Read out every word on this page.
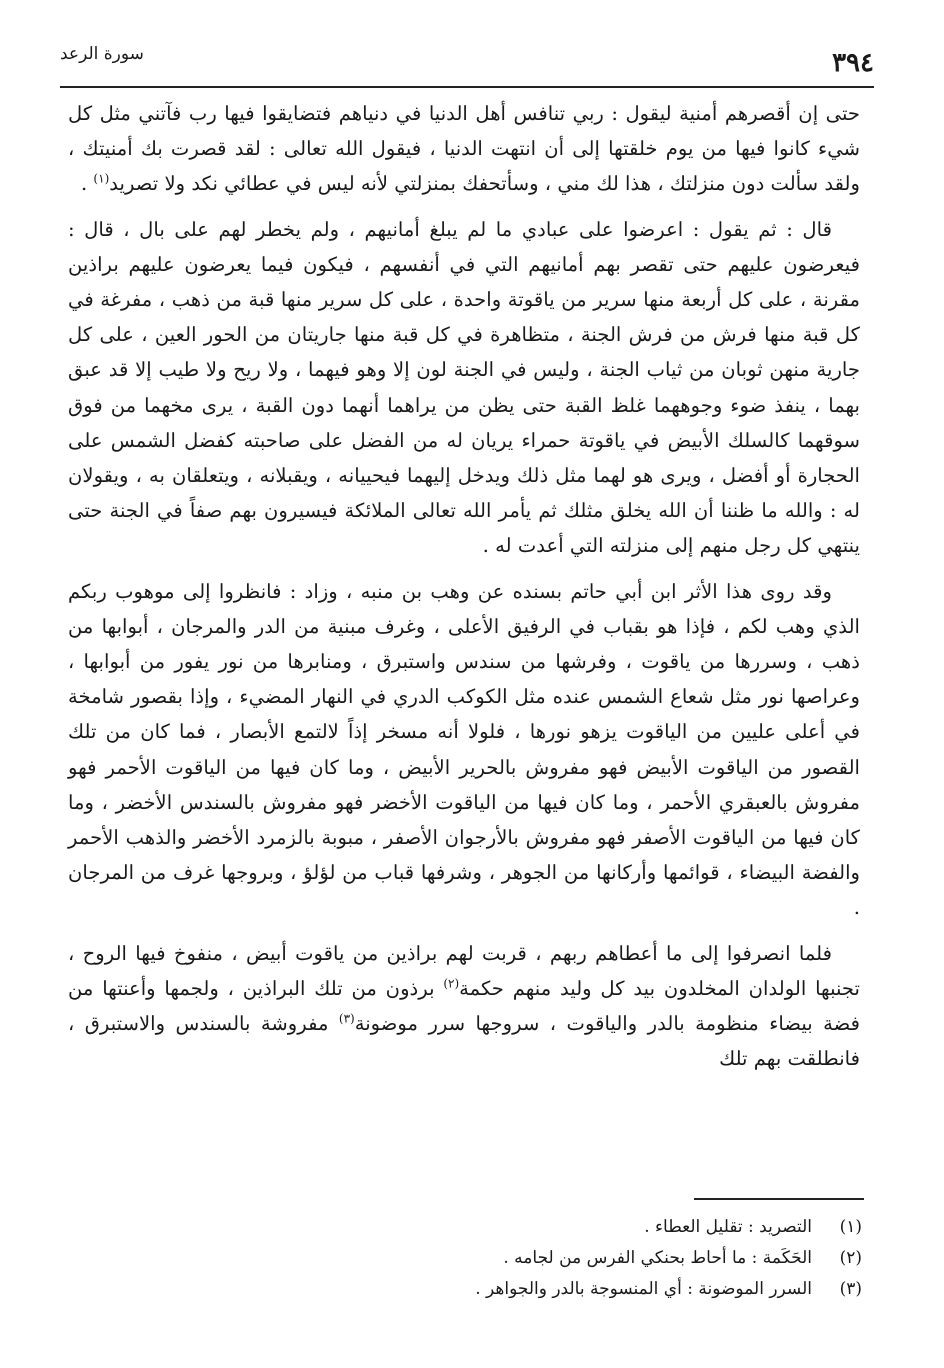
٣٩٤
سورة الرعد

حتى إن أقصرهم أمنية ليقول : ربي تنافس أهل الدنيا في دنياهم فتضايقوا فيها رب فآتني مثل كل شيء كانوا فيها من يوم خلقتها إلى أن انتهت الدنيا ، فيقول الله تعالى : لقد قصرت بك أمنيتك ، ولقد سألت دون منزلتك ، هذا لك مني ، وسأتحفك بمنزلتي لأنه ليس في عطائي نكد ولا تصريد$^{(١)}$ .

قال : ثم يقول : اعرضوا على عبادي ما لم يبلغ أمانيهم ، ولم يخطر لهم على بال ، قال : فيعرضون عليهم حتى تقصر بهم أمانيهم التي في أنفسهم ، فيكون فيما يعرضون عليهم براذين مقرنة ، على كل أربعة منها سرير من ياقوتة واحدة ، على كل سرير منها قبة من ذهب ، مفرغة في كل قبة منها فرش من فرش الجنة ، متظاهرة في كل قبة منها جاريتان من الحور العين ، على كل جارية منهن ثوبان من ثياب الجنة ، وليس في الجنة لون إلا وهو فيهما ، ولا ريح ولا طيب إلا قد عبق بهما ، ينفذ ضوء وجوههما غلظ القبة حتى يظن من يراهما أنهما دون القبة ، يرى مخهما من فوق سوقهما كالسلك الأبيض في ياقوتة حمراء يريان له من الفضل على صاحبته كفضل الشمس على الحجارة أو أفضل ، ويرى هو لهما مثل ذلك ويدخل إليهما فيحييانه ، ويقبلانه ، ويتعلقان به ، ويقولان له : والله ما ظننا أن الله يخلق مثلك ثم يأمر الله تعالى الملائكة فيسيرون بهم صفاً في الجنة حتى ينتهي كل رجل منهم إلى منزلته التي أعدت له .

وقد روى هذا الأثر ابن أبي حاتم بسنده عن وهب بن منبه ، وزاد : فانظروا إلى موهوب ربكم الذي وهب لكم ، فإذا هو بقباب في الرفيق الأعلى ، وغرف مبنية من الدر والمرجان ، أبوابها من ذهب ، وسررها من ياقوت ، وفرشها من سندس واستبرق ، ومنابرها من نور يفور من أبوابها ، وعراصها نور مثل شعاع الشمس عنده مثل الكوكب الدري في النهار المضيء ، وإذا بقصور شامخة في أعلى عليين من الياقوت يزهو نورها ، فلولا أنه مسخر إذاً لالتمع الأبصار ، فما كان من تلك القصور من الياقوت الأبيض فهو مفروش بالحرير الأبيض ، وما كان فيها من الياقوت الأحمر فهو مفروش بالعبقري الأحمر ، وما كان فيها من الياقوت الأخضر فهو مفروش بالسندس الأخضر ، وما كان فيها من الياقوت الأصفر فهو مفروش بالأرجوان الأصفر ، مبوبة بالزمرد الأخضر والذهب الأحمر والفضة البيضاء ، قوائمها وأركانها من الجوهر ، وشرفها قباب من لؤلؤ ، وبروجها غرف من المرجان .

فلما انصرفوا إلى ما أعطاهم ربهم ، قربت لهم براذين من ياقوت أبيض ، منفوخ فيها الروح ، تجنبها الولدان المخلدون بيد كل وليد منهم حكمة$^{(٢)}$ برذون من تلك البراذين ، ولجمها وأعنتها من فضة بيضاء منظومة بالدر والياقوت ، سروجها سرر موضونة$^{(٣)}$ مفروشة بالسندس والاستبرق ، فانطلقت بهم تلك

(١)
التصريد : تقليل العطاء .
(٢)
الحَكَمة : ما أحاط بحنكي الفرس من لجامه .
(٣)
السرر الموضونة : أي المنسوجة بالدر والجواهر .
